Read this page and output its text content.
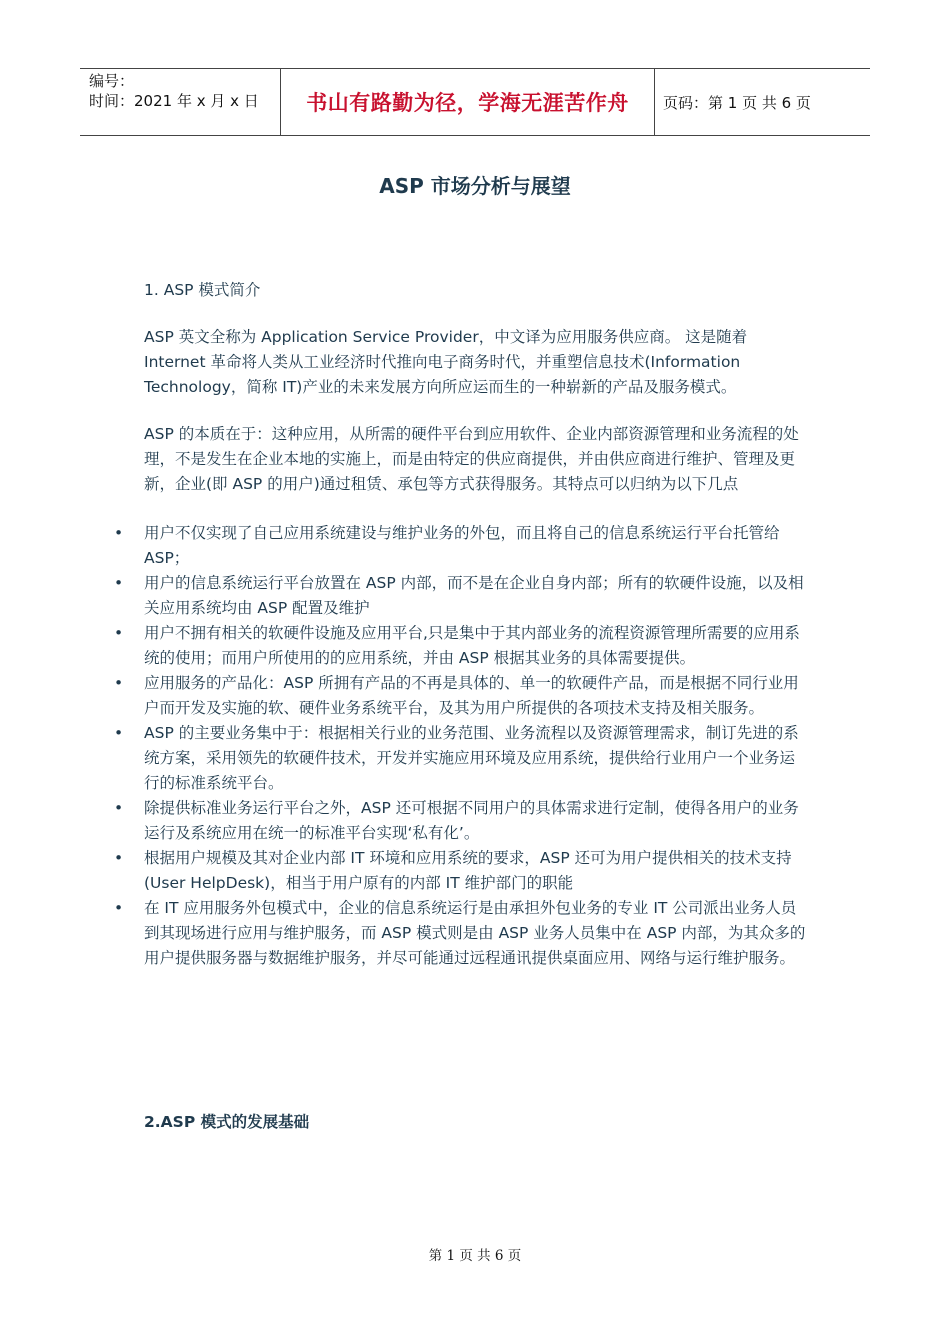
编号：
时间：2021 年 x 月 x 日	书山有路勤为径，学海无涯苦作舟	页码：第 1 页 共 6 页
ASP 市场分析与展望
1. ASP 模式简介

ASP 英文全称为 Application Service Provider，中文译为应用服务供应商。 这是随着 Internet 革命将人类从工业经济时代推向电子商务时代，并重塑信息技术(Information Technology，简称 IT)产业的未来发展方向所应运而生的一种崭新的产品及服务模式。

ASP 的本质在于：这种应用，从所需的硬件平台到应用软件、企业内部资源管理和业务流程的处理，不是发生在企业本地的实施上，而是由特定的供应商提供，并由供应商进行维护、管理及更新，企业(即 ASP 的用户)通过租赁、承包等方式获得服务。其特点可以归纳为以下几点

• 用户不仅实现了自己应用系统建设与维护业务的外包，而且将自己的信息系统运行平台托管给 ASP；
• 用户的信息系统运行平台放置在 ASP 内部，而不是在企业自身内部；所有的软硬件设施，以及相关应用系统均由 ASP 配置及维护
• 用户不拥有相关的软硬件设施及应用平台,只是集中于其内部业务的流程资源管理所需要的应用系统的使用；而用户所使用的的应用系统，并由 ASP 根据其业务的具体需要提供。
• 应用服务的产品化：ASP 所拥有产品的不再是具体的、单一的软硬件产品，而是根据不同行业用户而开发及实施的软、硬件业务系统平台，及其为用户所提供的各项技术支持及相关服务。
• ASP 的主要业务集中于：根据相关行业的业务范围、业务流程以及资源管理需求，制订先进的系统方案，采用领先的软硬件技术，开发并实施应用环境及应用系统，提供给行业用户一个业务运行的标准系统平台。
• 除提供标准业务运行平台之外，ASP 还可根据不同用户的具体需求进行定制，使得各用户的业务运行及系统应用在统一的标准平台实现‘私有化’。
• 根据用户规模及其对企业内部 IT 环境和应用系统的要求，ASP 还可为用户提供相关的技术支持 (User HelpDesk)，相当于用户原有的内部 IT 维护部门的职能
• 在 IT 应用服务外包模式中，企业的信息系统运行是由承担外包业务的专业 IT 公司派出业务人员到其现场进行应用与维护服务，而 ASP 模式则是由 ASP 业务人员集中在 ASP 内部，为其众多的用户提供服务器与数据维护服务，并尽可能通过远程通讯提供桌面应用、网络与运行维护服务。
2.ASP 模式的发展基础
第 1 页 共 6 页
